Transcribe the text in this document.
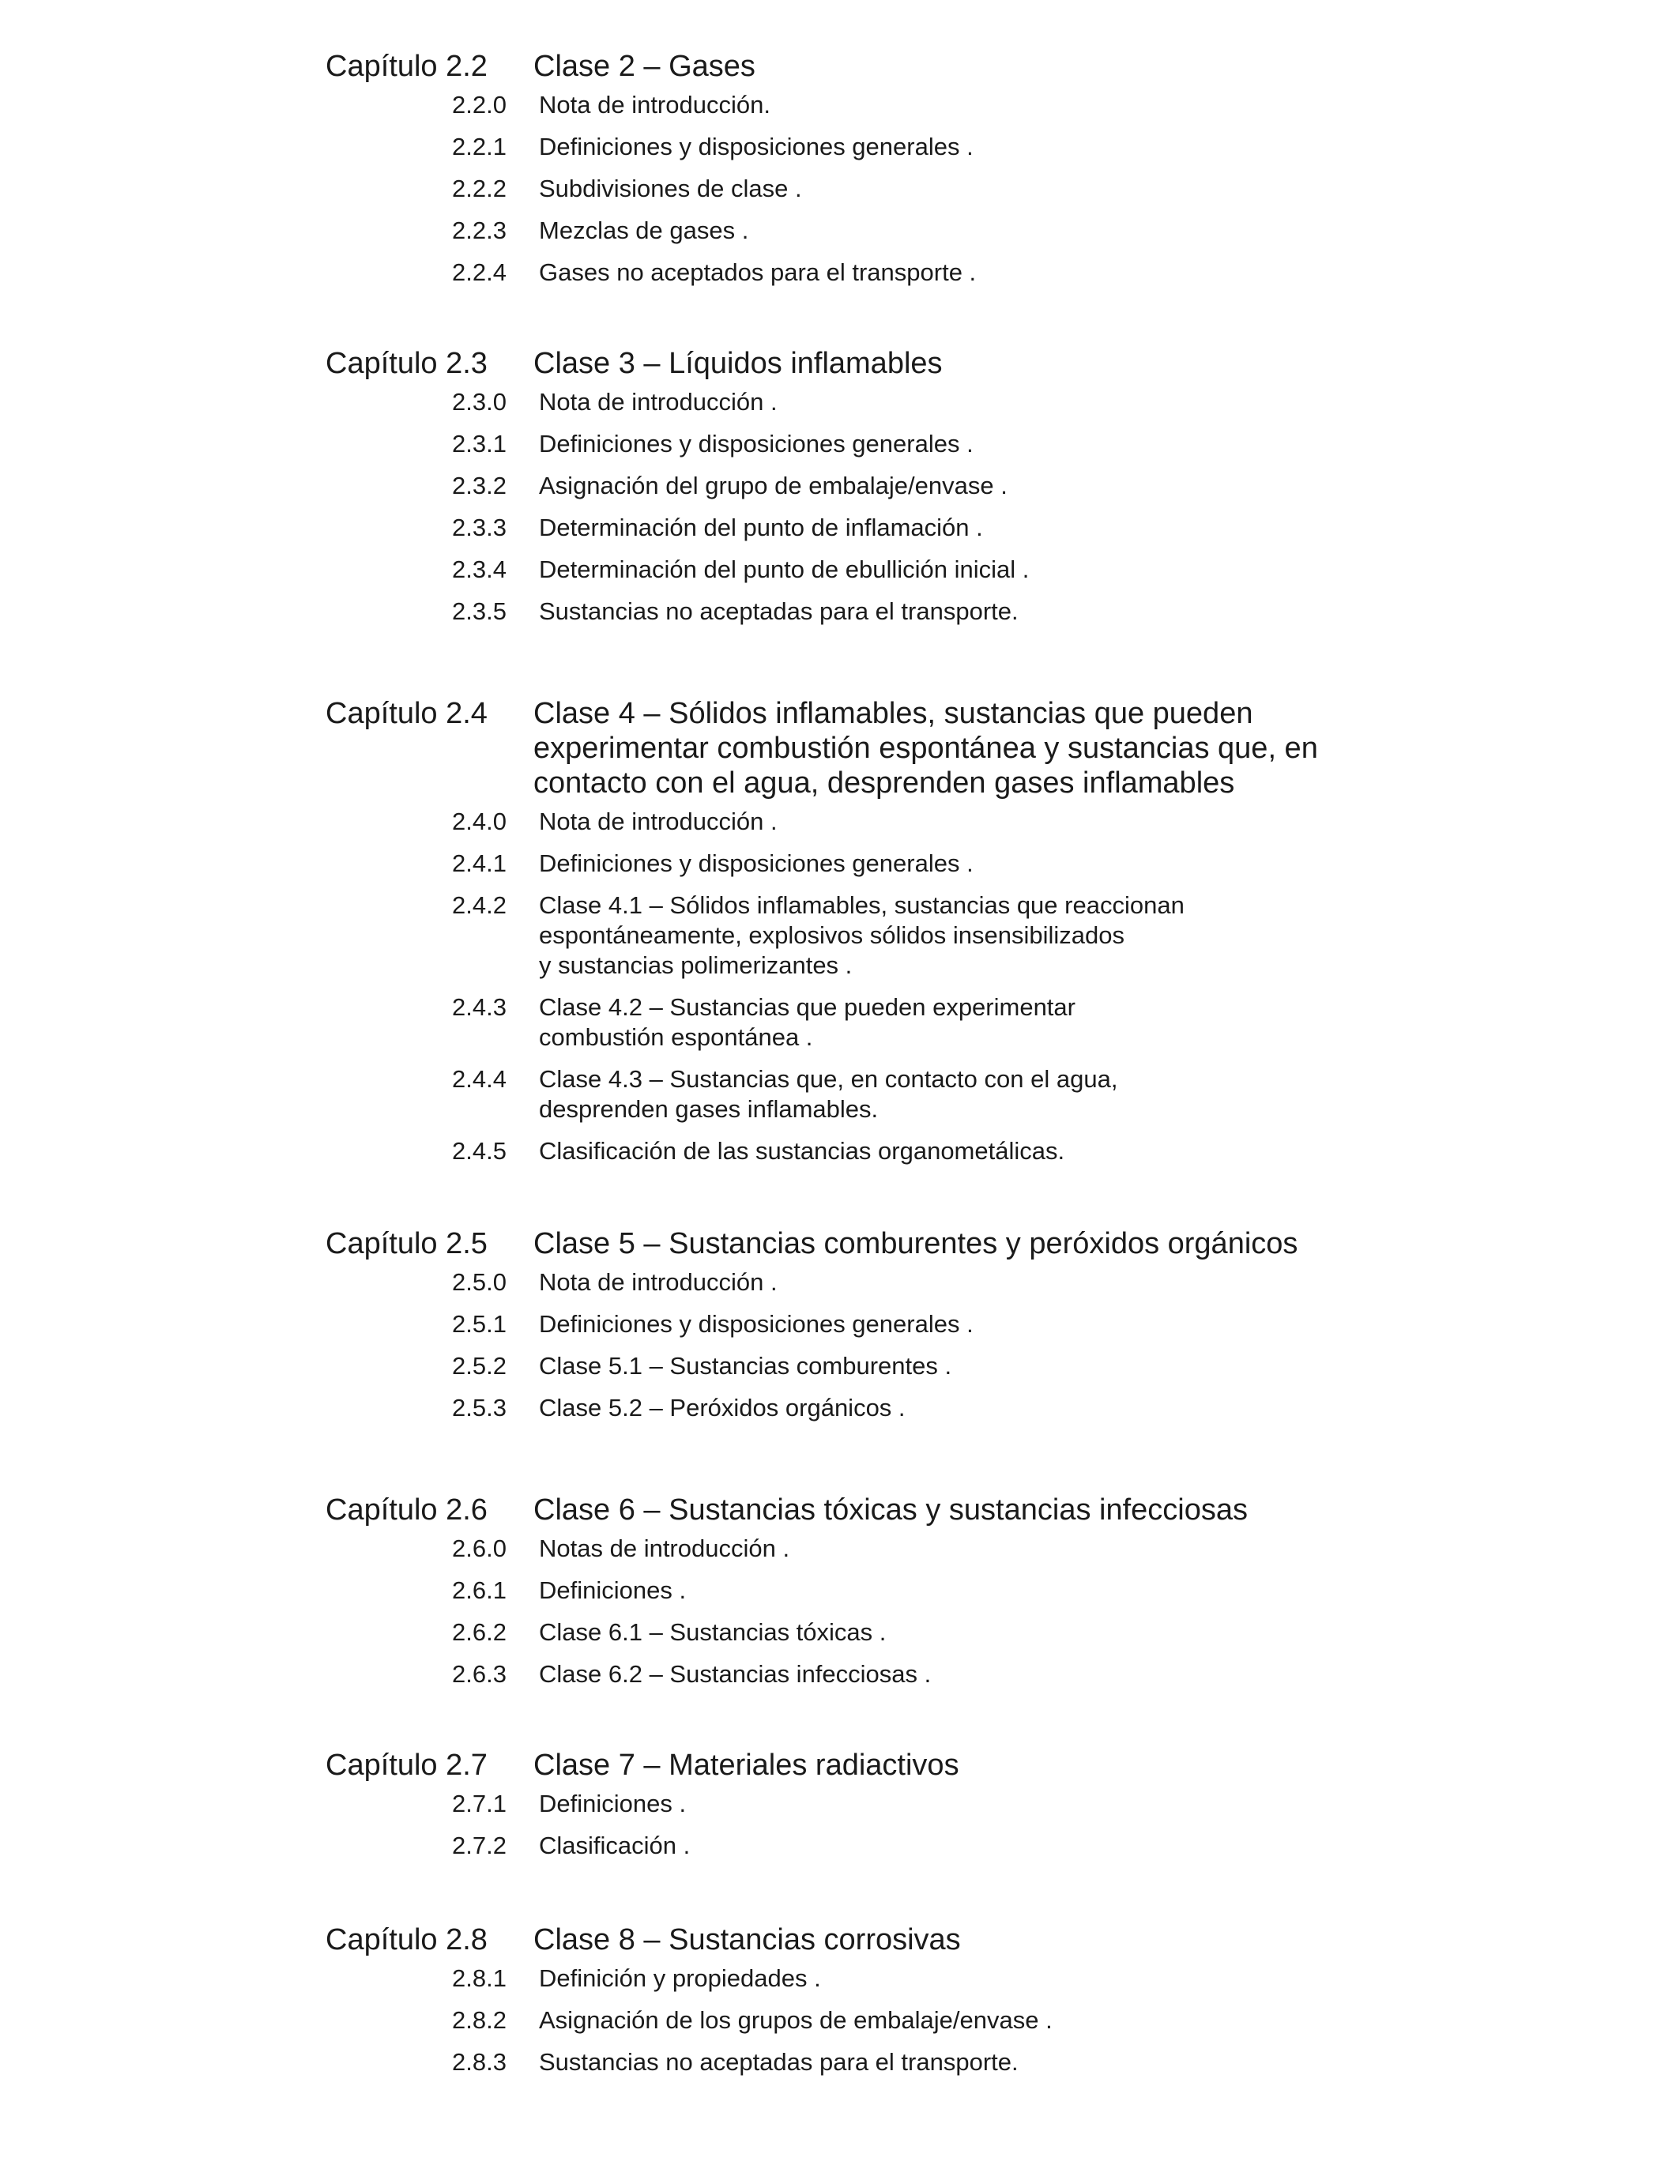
Capítulo 2.2	Clase 2 – Gases
2.2.0	Nota de introducción.
2.2.1	Definiciones y disposiciones generales .
2.2.2	Subdivisiones de clase .
2.2.3	Mezclas de gases .
2.2.4	Gases no aceptados para el transporte .
Capítulo 2.3	Clase 3 – Líquidos inflamables
2.3.0	Nota de introducción .
2.3.1	Definiciones y disposiciones generales .
2.3.2	Asignación del grupo de embalaje/envase .
2.3.3	Determinación del punto de inflamación .
2.3.4	Determinación del punto de ebullición inicial .
2.3.5	Sustancias no aceptadas para el transporte.
Capítulo 2.4	Clase 4 – Sólidos inflamables, sustancias que pueden experimentar combustión espontánea y sustancias que, en contacto con el agua, desprenden gases inflamables
2.4.0	Nota de introducción .
2.4.1	Definiciones y disposiciones generales .
2.4.2	Clase 4.1 – Sólidos inflamables, sustancias que reaccionan
espontáneamente, explosivos sólidos insensibilizados
y sustancias polimerizantes .
2.4.3	Clase 4.2 – Sustancias que pueden experimentar
combustión espontánea .
2.4.4	Clase 4.3 – Sustancias que, en contacto con el agua,
desprenden gases inflamables.
2.4.5	Clasificación de las sustancias organometálicas.
Capítulo 2.5	Clase 5 – Sustancias comburentes y peróxidos orgánicos
2.5.0	Nota de introducción .
2.5.1	Definiciones y disposiciones generales .
2.5.2	Clase 5.1 – Sustancias comburentes .
2.5.3	Clase 5.2 – Peróxidos orgánicos .
Capítulo 2.6	Clase 6 – Sustancias tóxicas y sustancias infecciosas
2.6.0	Notas de introducción .
2.6.1	Definiciones .
2.6.2	Clase 6.1 – Sustancias tóxicas .
2.6.3	Clase 6.2 – Sustancias infecciosas .
Capítulo 2.7	Clase 7 – Materiales radiactivos
2.7.1	Definiciones .
2.7.2	Clasificación .
Capítulo 2.8	Clase 8 – Sustancias corrosivas
2.8.1	Definición y propiedades .
2.8.2	Asignación de los grupos de embalaje/envase .
2.8.3	Sustancias no aceptadas para el transporte.
